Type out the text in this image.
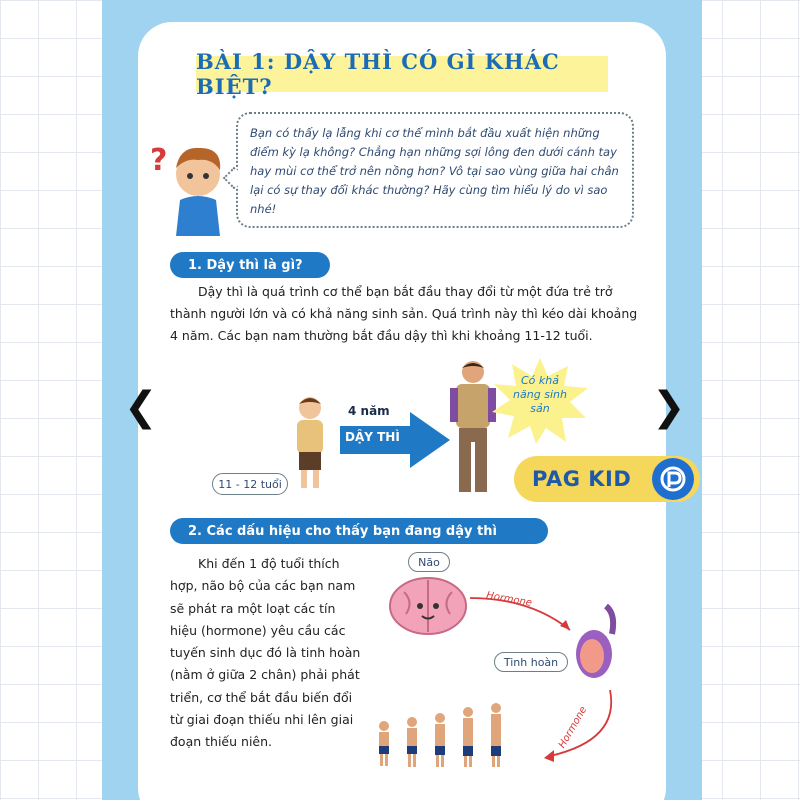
BÀI 1: DẬY THÌ CÓ GÌ KHÁC BIỆT?
?
Bạn có thấy lạ lẫng khi cơ thể mình bắt đầu xuất hiện những điểm kỳ lạ không? Chẳng hạn những sợi lông đen dưới cánh tay hay mùi cơ thể trở nên nồng hơn? Vô tại sao vùng giữa hai chân lại có sự thay đổi khác thường? Hãy cùng tìm hiểu lý do vì sao nhé!
1. Dậy thì là gì?
Dậy thì là quá trình cơ thể bạn bắt đầu thay đổi từ một đứa trẻ trở thành người lớn và có khả năng sinh sản. Quá trình này thì kéo dài khoảng 4 năm. Các bạn nam thường bắt đầu dậy thì khi khoảng 11-12 tuổi.
❮	❯
11 - 12 tuổi
4 năm
DẬY THÌ
Có khả năng sinh sản
PAG KID
2. Các dấu hiệu cho thấy bạn đang dậy thì
Khi đến 1 độ tuổi thích hợp, não bộ của các bạn nam sẽ phát ra một loạt các tín hiệu (hormone) yêu cầu các tuyến sinh dục đó là tinh hoàn (nằm ở giữa 2 chân) phải phát triển, cơ thể bắt đầu biến đổi từ giai đoạn thiếu nhi lên giai đoạn thiếu niên.
Não
Hormone
Hormone
Tinh hoàn
